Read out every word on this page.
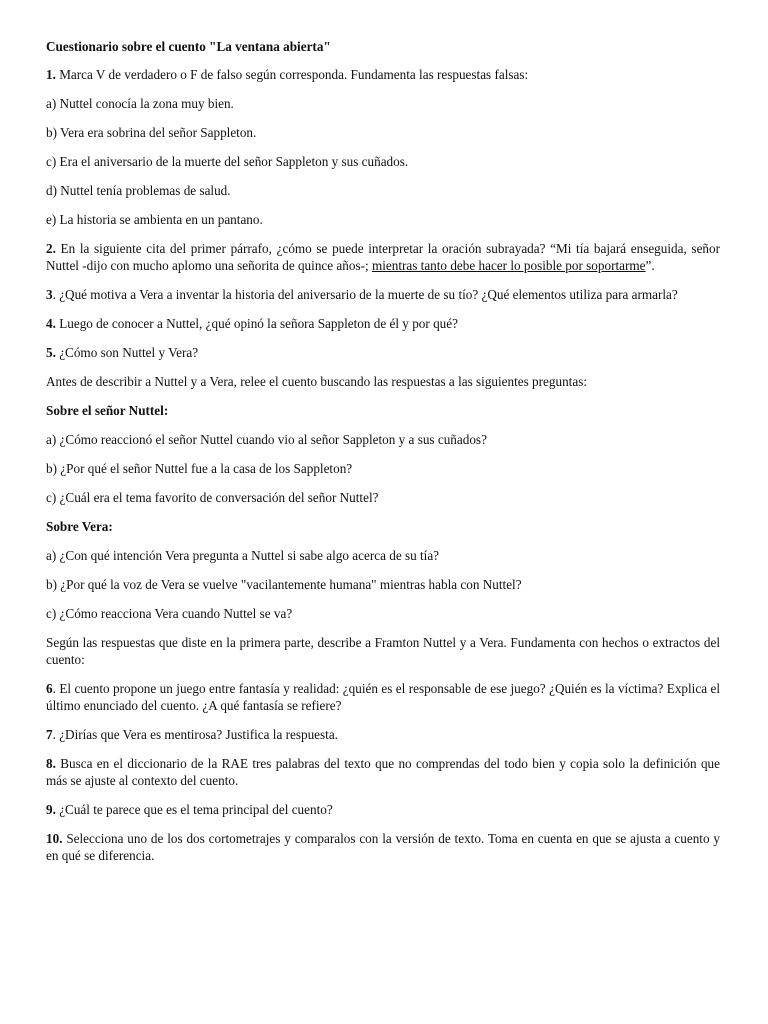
Cuestionario sobre el cuento "La ventana abierta"

1. Marca V de verdadero o F de falso según corresponda. Fundamenta las respuestas falsas:

a) Nuttel conocía la zona muy bien.

b) Vera era sobrina del señor Sappleton.

c) Era el aniversario de la muerte del señor Sappleton y sus cuñados.

d) Nuttel tenía problemas de salud.

e) La historia se ambienta en un pantano.

2. En la siguiente cita del primer párrafo, ¿cómo se puede interpretar la oración subrayada? “Mi tía bajará enseguida, señor Nuttel -dijo con mucho aplomo una señorita de quince años-; mientras tanto debe hacer lo posible por soportarme”.

3. ¿Qué motiva a Vera a inventar la historia del aniversario de la muerte de su tío? ¿Qué elementos utiliza para armarla?

4. Luego de conocer a Nuttel, ¿qué opinó la señora Sappleton de él y por qué?

5. ¿Cómo son Nuttel y Vera?

Antes de describir a Nuttel y a Vera, relee el cuento buscando las respuestas a las siguientes preguntas:

Sobre el señor Nuttel:

a) ¿Cómo reaccionó el señor Nuttel cuando vio al señor Sappleton y a sus cuñados?

b) ¿Por qué el señor Nuttel fue a la casa de los Sappleton?

c) ¿Cuál era el tema favorito de conversación del señor Nuttel?

Sobre Vera:

a) ¿Con qué intención Vera pregunta a Nuttel si sabe algo acerca de su tía?

b) ¿Por qué la voz de Vera se vuelve "vacilantemente humana" mientras habla con Nuttel?

c) ¿Cómo reacciona Vera cuando Nuttel se va?

Según las respuestas que diste en la primera parte, describe a Framton Nuttel y a Vera. Fundamenta con hechos o extractos del cuento:

6. El cuento propone un juego entre fantasía y realidad: ¿quién es el responsable de ese juego? ¿Quién es la víctima? Explica el último enunciado del cuento. ¿A qué fantasía se refiere?

7. ¿Dirías que Vera es mentirosa? Justifica la respuesta.

8. Busca en el diccionario de la RAE tres palabras del texto que no comprendas del todo bien y copia solo la definición que más se ajuste al contexto del cuento.

9. ¿Cuál te parece que es el tema principal del cuento?

10. Selecciona uno de los dos cortometrajes y comparalos con la versión de texto. Toma en cuenta en que se ajusta a cuento y en qué se diferencia.
